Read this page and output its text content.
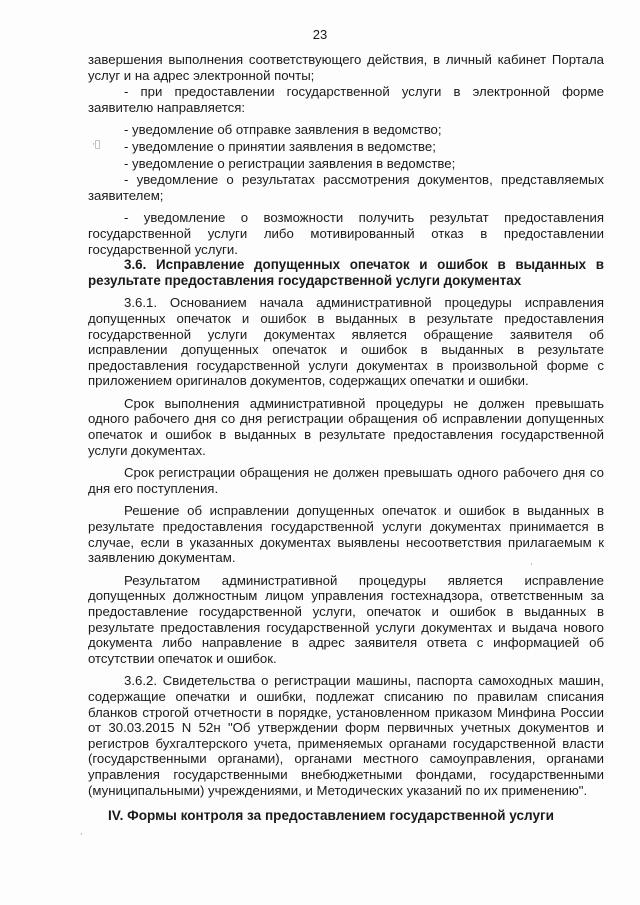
23
·ﾟ
·
·

завершения выполнения соответствующего действия, в личный кабинет Портала услуг и на адрес электронной почты;

- при предоставлении государственной услуги в электронной форме заявителю направляется:

- уведомление об отправке заявления в ведомство;

- уведомление о принятии заявления в ведомстве;

- уведомление о регистрации заявления в ведомстве;

- уведомление о результатах рассмотрения документов, представляемых заявителем;

- уведомление о возможности получить результат предоставления государственной услуги либо мотивированный отказ в предоставлении государственной услуги.

3.6. Исправление допущенных опечаток и ошибок в выданных в результате предоставления государственной услуги документах

3.6.1. Основанием начала административной процедуры исправления допущенных опечаток и ошибок в выданных в результате предоставления государственной услуги документах является обращение заявителя об исправлении допущенных опечаток и ошибок в выданных в результате предоставления государственной услуги документах в произвольной форме с приложением оригиналов документов, содержащих опечатки и ошибки.

Срок выполнения административной процедуры не должен превышать одного рабочего дня со дня регистрации обращения об исправлении допущенных опечаток и ошибок в выданных в результате предоставления государственной услуги документах.

Срок регистрации обращения не должен превышать одного рабочего дня со дня его поступления.

Решение об исправлении допущенных опечаток и ошибок в выданных в результате предоставления государственной услуги документах принимается в случае, если в указанных документах выявлены несоответствия прилагаемым к заявлению документам.

Результатом административной процедуры является исправление допущенных должностным лицом управления гостехнадзора, ответственным за предоставление государственной услуги, опечаток и ошибок в выданных в результате предоставления государственной услуги документах и выдача нового документа либо направление в адрес заявителя ответа с информацией об отсутствии опечаток и ошибок.

3.6.2. Свидетельства о регистрации машины, паспорта самоходных машин, содержащие опечатки и ошибки, подлежат списанию по правилам списания бланков строгой отчетности в порядке, установленном приказом Минфина России от 30.03.2015 N 52н "Об утверждении форм первичных учетных документов и регистров бухгалтерского учета, применяемых органами государственной власти (государственными органами), органами местного самоуправления, органами управления государственными внебюджетными фондами, государственными (муниципальными) учреждениями, и Методических указаний по их применению".

IV. Формы контроля за предоставлением государственной услуги
